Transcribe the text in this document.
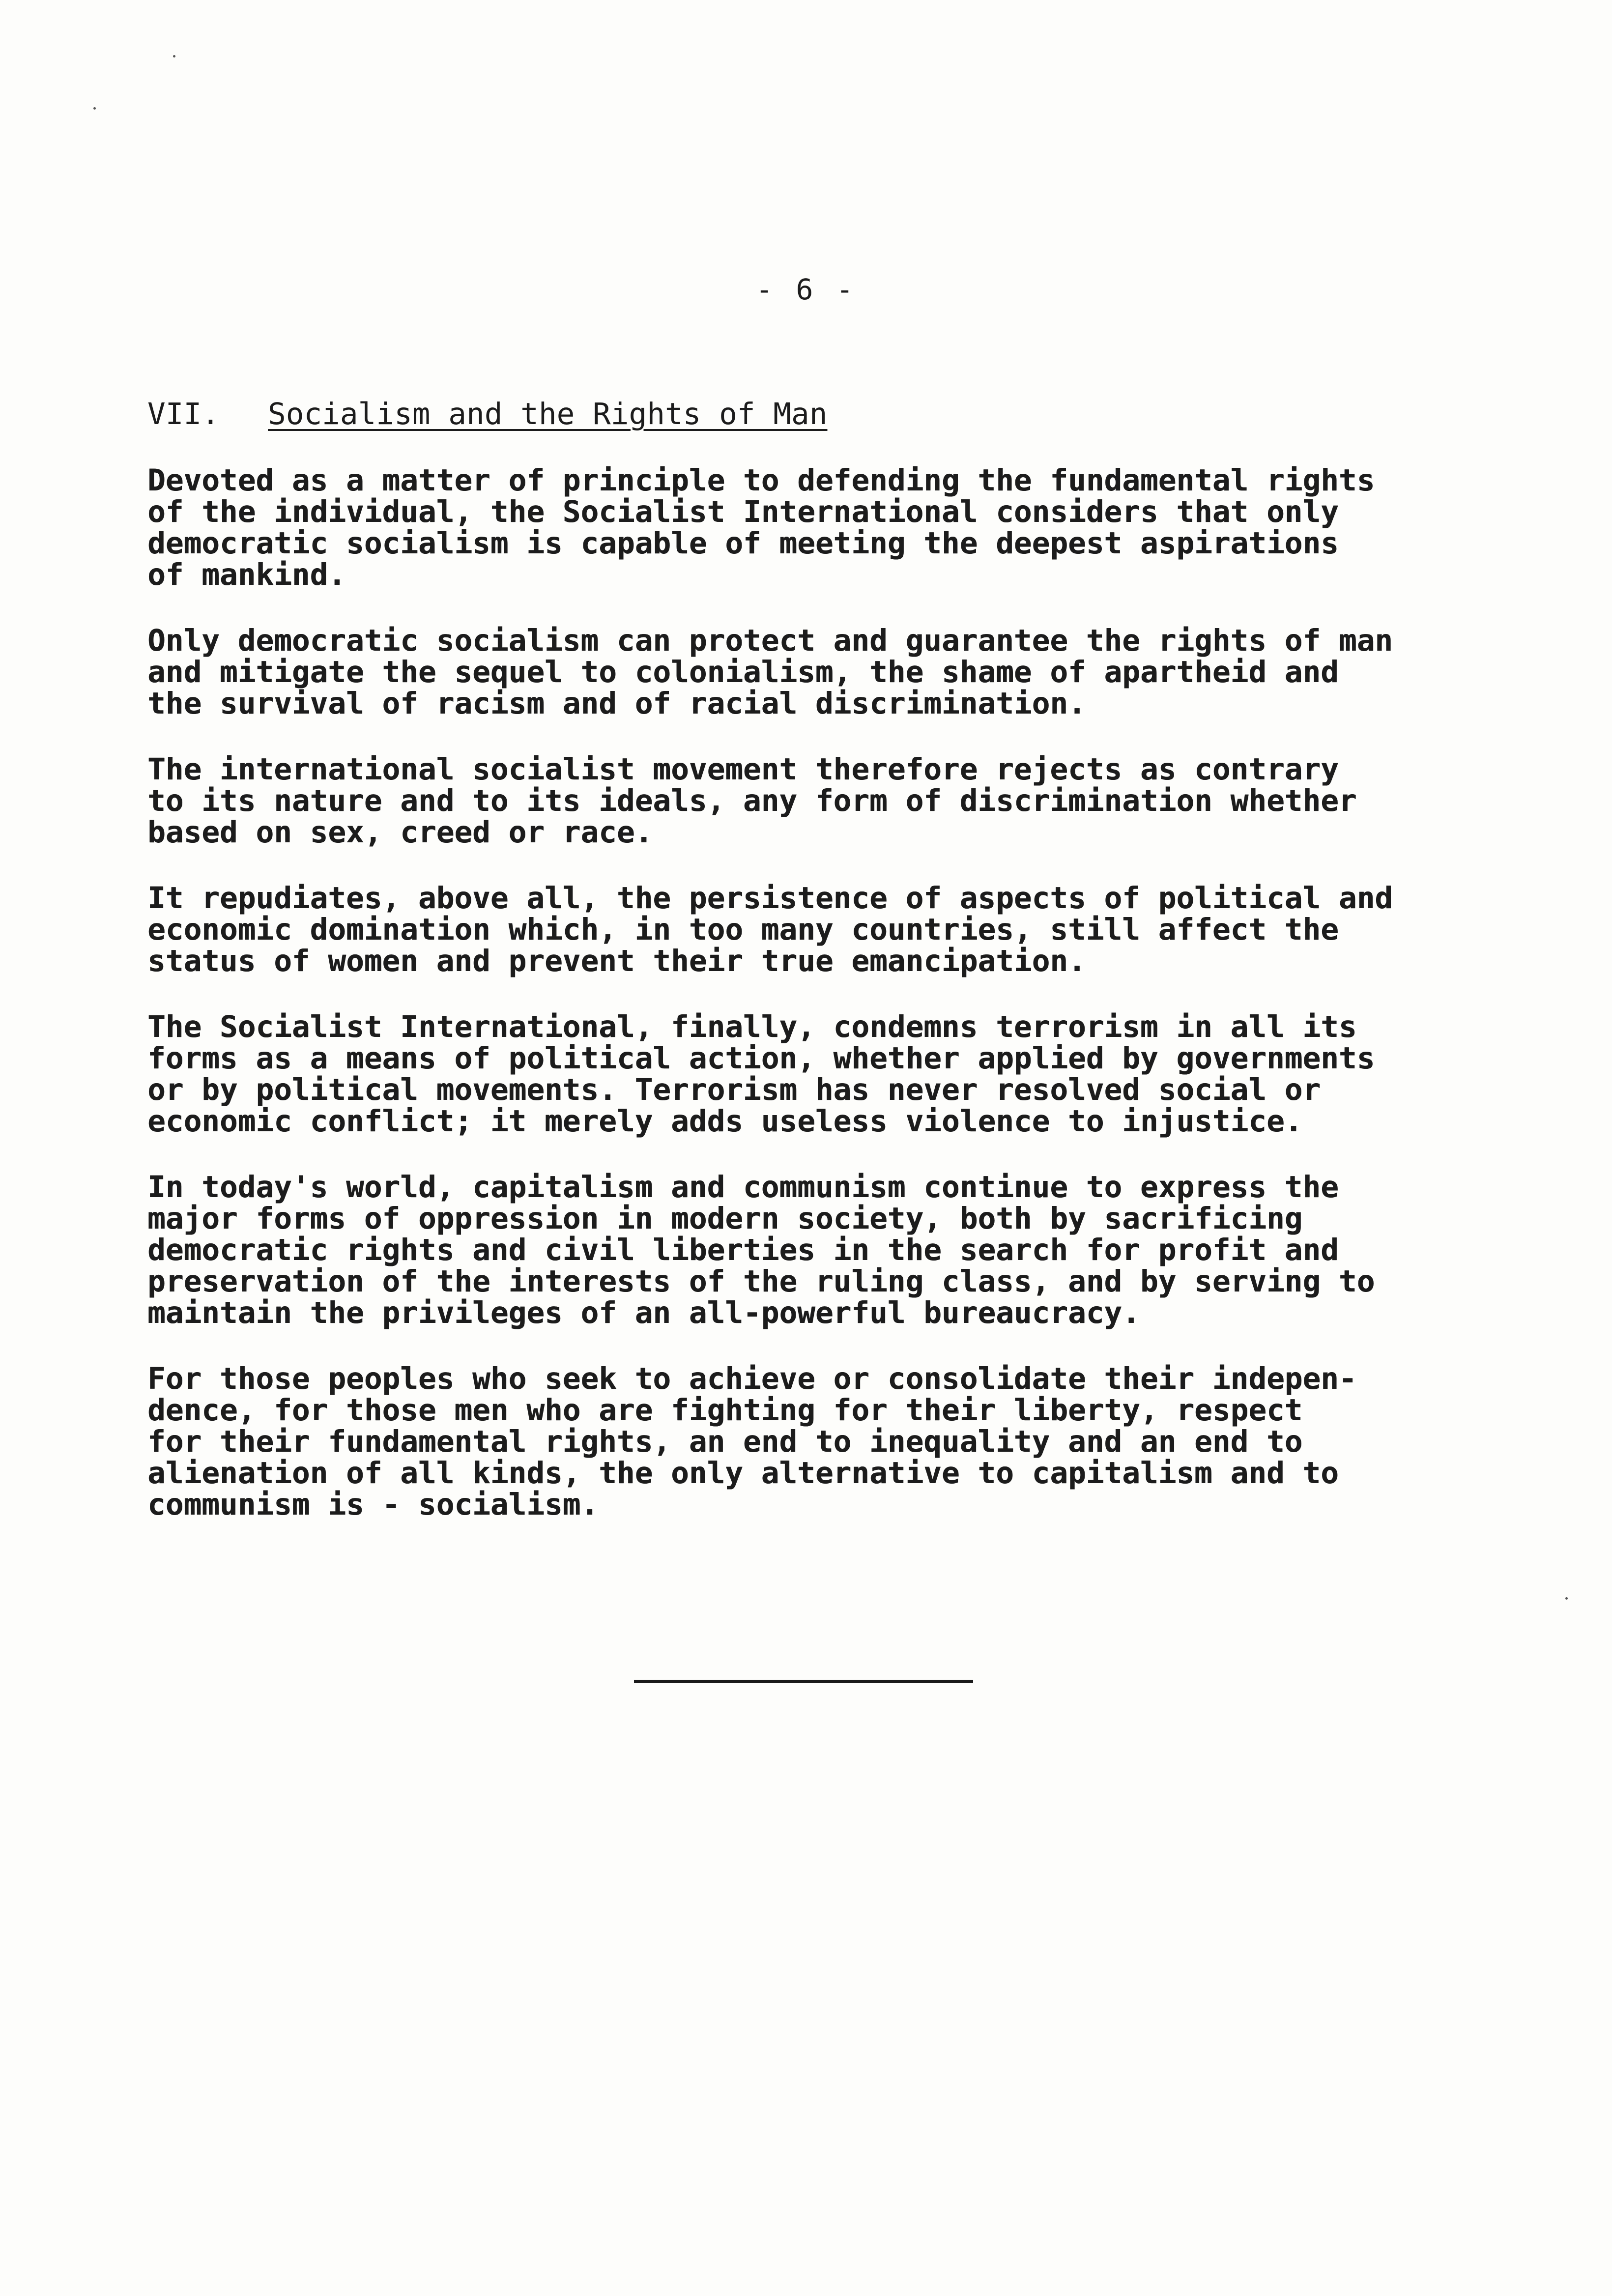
- 6 -
VII.	Socialism and the Rights of Man

Devoted as a matter of principle to defending the fundamental rights
of the individual, the Socialist International considers that only
democratic socialism is capable of meeting the deepest aspirations
of mankind.

Only democratic socialism can protect and guarantee the rights of man
and mitigate the sequel to colonialism, the shame of apartheid and
the survival of racism and of racial discrimination.

The international socialist movement therefore rejects as contrary
to its nature and to its ideals, any form of discrimination whether
based on sex, creed or race.

It repudiates, above all, the persistence of aspects of political and
economic domination which, in too many countries, still affect the
status of women and prevent their true emancipation.

The Socialist International, finally, condemns terrorism in all its
forms as a means of political action, whether applied by governments
or by political movements. Terrorism has never resolved social or
economic conflict; it merely adds useless violence to injustice.

In today's world, capitalism and communism continue to express the
major forms of oppression in modern society, both by sacrificing
democratic rights and civil liberties in the search for profit and
preservation of the interests of the ruling class, and by serving to
maintain the privileges of an all-powerful bureaucracy.

For those peoples who seek to achieve or consolidate their indepen-
dence, for those men who are fighting for their liberty, respect
for their fundamental rights, an end to inequality and an end to
alienation of all kinds, the only alternative to capitalism and to
communism is - socialism.
